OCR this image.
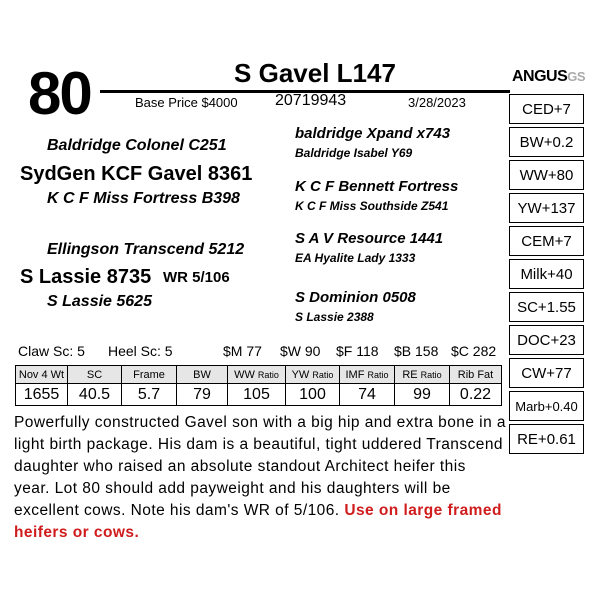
80	S Gavel L147
Base Price $4000 20719943	3/28/2023
ANGUSGS
Baldridge Colonel C251
SydGen KCF Gavel 8361
K C F Miss Fortress B398
baldridge Xpand x743
Baldridge Isabel Y69
K C F Bennett Fortress
K C F Miss Southside Z541
Ellingson Transcend 5212
S Lassie 8735 WR 5/106
S Lassie 5625
S A V Resource 1441
EA Hyalite Lady 1333
S Dominion 0508
S Lassie 2388
CED+7
BW+0.2
WW+80
YW+137
CEM+7
Milk+40
SC+1.55
DOC+23
CW+77
Marb+0.40
RE+0.61
Claw Sc: 5 Heel Sc: 5	$M 77 $W 90 $F 118 $B 158 $C 282
Nov 4 Wt	SC	Frame	BW	WW Ratio	YW Ratio	IMF Ratio	RE Ratio	Rib Fat
1655	40.5	5.7	79	105	100	74	99	0.22
Powerfully constructed Gavel son with a big hip and extra bone in a light birth package. His dam is a beautiful, tight uddered Transcend daughter who raised an absolute standout Architect heifer this year. Lot 80 should add payweight and his daughters will be excellent cows. Note his dam's WR of 5/106. Use on large framed heifers or cows.
